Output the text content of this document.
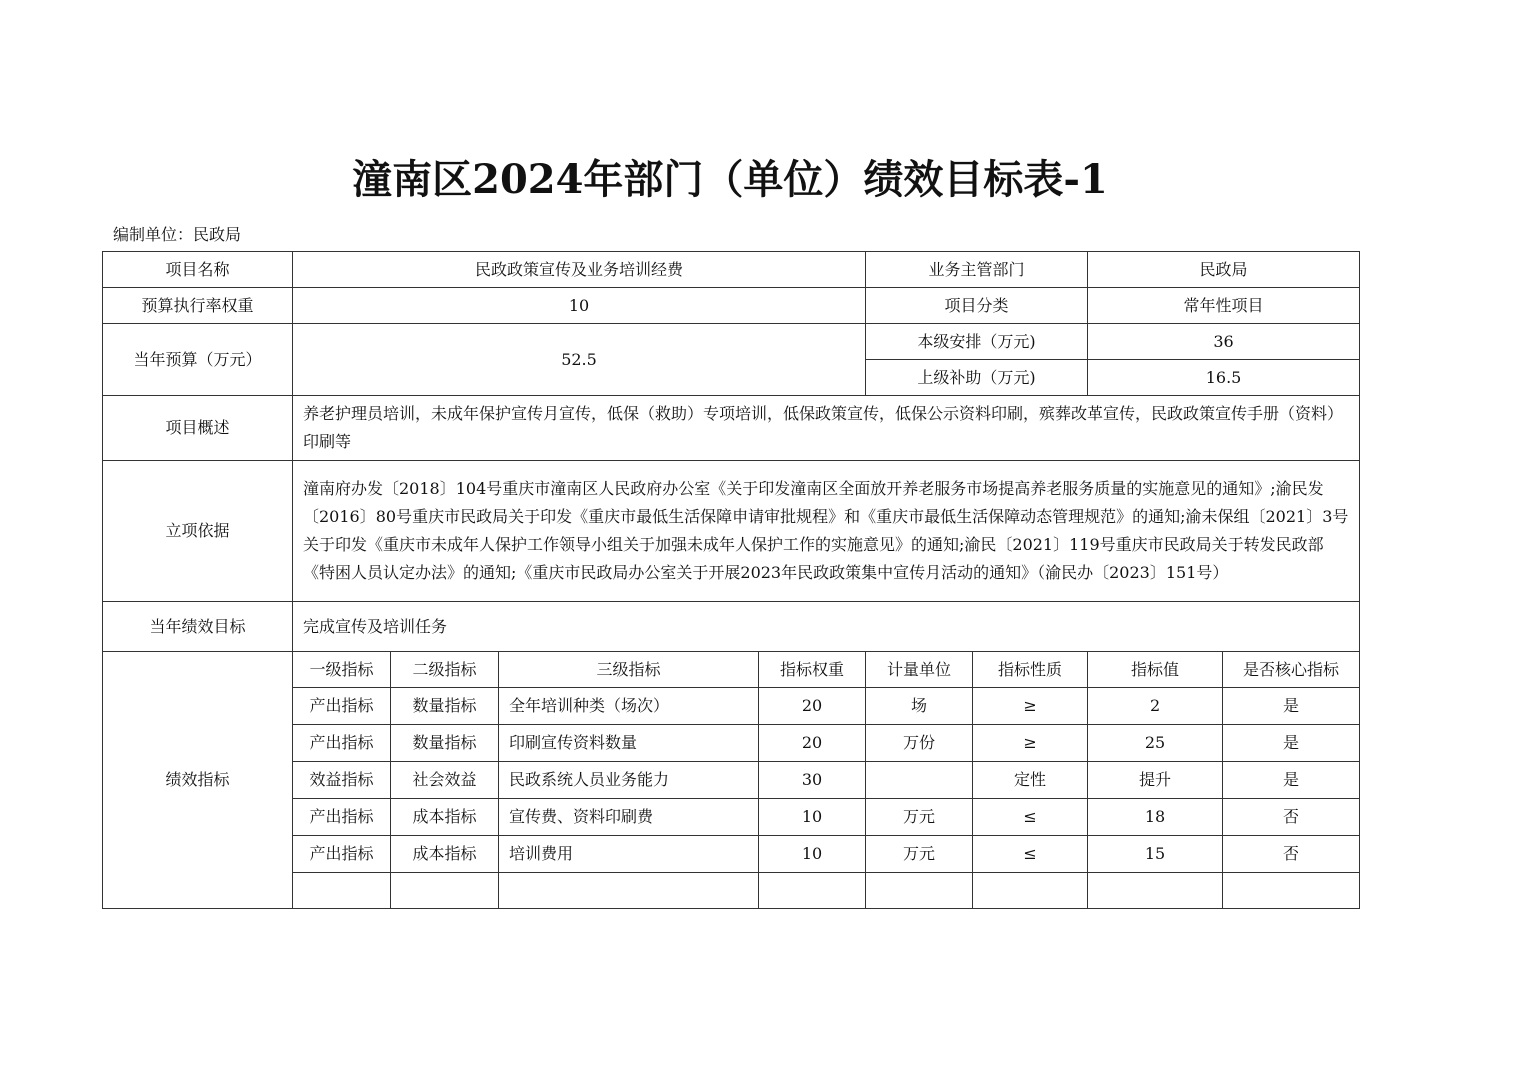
潼南区2024年部门（单位）绩效目标表-1
编制单位：民政局
项目名称	民政政策宣传及业务培训经费				业务主管部门		民政局	
预算执行率权重	10				项目分类		常年性项目	
当年预算（万元）	52.5				本级安排（万元)		36	
					上级补助（万元)		16.5	
项目概述	养老护理员培训，未成年保护宣传月宣传，低保（救助）专项培训，低保政策宣传，低保公示资料印刷，殡葬改革宣传，民政政策宣传手册（资料）印刷等							
立项依据	潼南府办发〔2018〕104号重庆市潼南区人民政府办公室《关于印发潼南区全面放开养老服务市场提高养老服务质量的实施意见的通知》;渝民发〔2016〕80号重庆市民政局关于印发《重庆市最低生活保障申请审批规程》和《重庆市最低生活保障动态管理规范》的通知;渝未保组〔2021〕3号关于印发《重庆市未成年人保护工作领导小组关于加强未成年人保护工作的实施意见》的通知;渝民〔2021〕119号重庆市民政局关于转发民政部《特困人员认定办法》的通知;《重庆市民政局办公室关于开展2023年民政政策集中宣传月活动的通知》（渝民办〔2023〕151号）							
当年绩效目标	完成宣传及培训任务							
绩效指标	一级指标	二级指标	三级指标	指标权重	计量单位	指标性质	指标值	是否核心指标
	产出指标	数量指标	全年培训种类（场次）	20	场	≥	2	是
	产出指标	数量指标	印刷宣传资料数量	20	万份	≥	25	是
	效益指标	社会效益	民政系统人员业务能力	30		定性	提升	是
	产出指标	成本指标	宣传费、资料印刷费	10	万元	≤	18	否
	产出指标	成本指标	培训费用	10	万元	≤	15	否
